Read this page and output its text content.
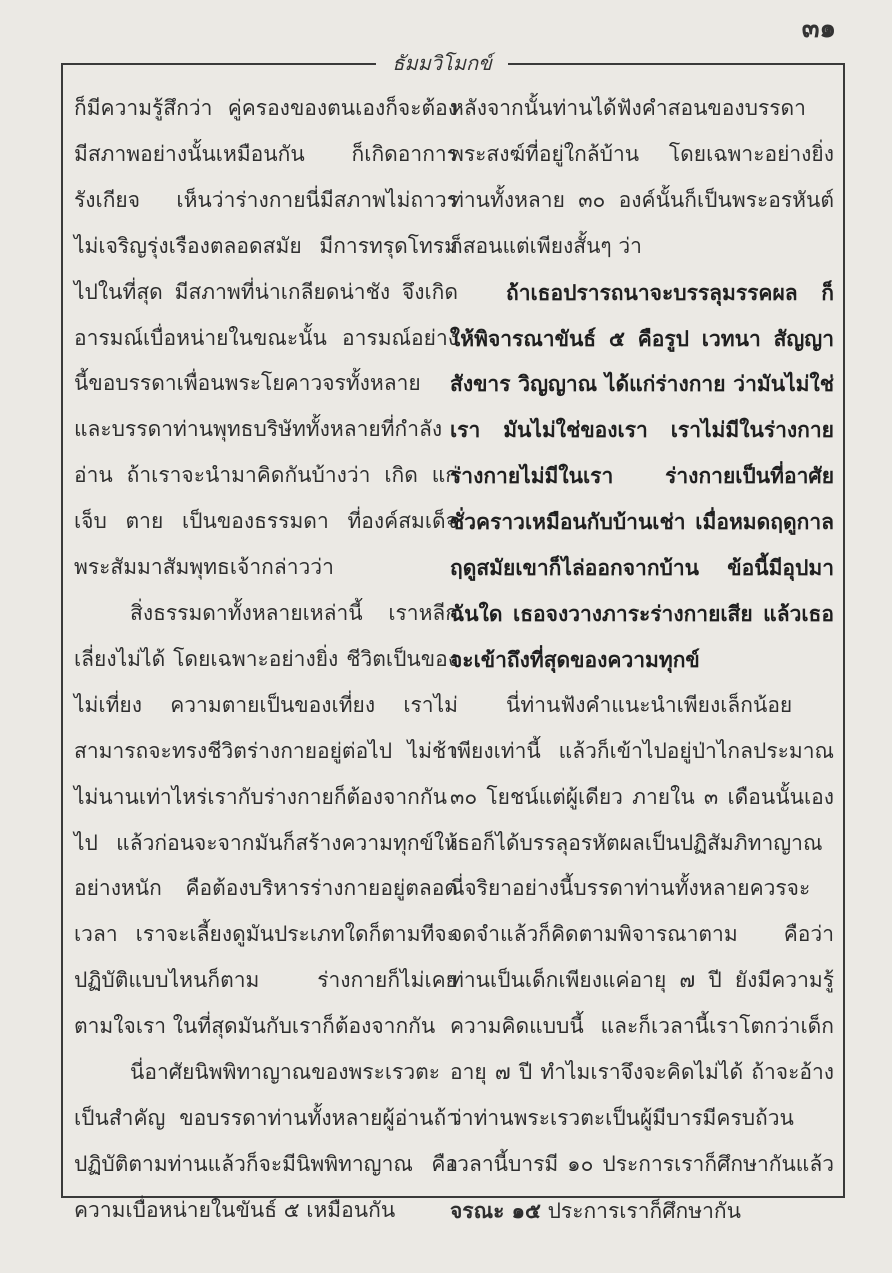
๓๑
ธัมมวิโมกข์

ก็มีความรู้สึกว่า คู่ครองของตนเองก็จะต้องมีสภาพอย่างนั้นเหมือนกัน ก็เกิดอาการรังเกียจ เห็นว่าร่างกายนี่มีสภาพไม่ถาวร ไม่เจริญรุ่งเรืองตลอดสมัย มีการทรุดโทรมไปในที่สุด มีสภาพที่น่าเกลียดน่าชัง จึงเกิดอารมณ์เบื่อหน่ายในขณะนั้น อารมณ์อย่างนี้ขอบรรดาเพื่อนพระโยคาวจรทั้งหลายและบรรดาท่านพุทธบริษัททั้งหลายที่กำลังอ่าน ถ้าเราจะนำมาคิดกันบ้างว่า เกิด แก่ เจ็บ ตาย เป็นของธรรมดา ที่องค์สมเด็จพระสัมมาสัมพุทธเจ้ากล่าวว่า

สิ่งธรรมดาทั้งหลายเหล่านี้ เราหลีกเลี่ยงไม่ได้ โดยเฉพาะอย่างยิ่ง ชีวิตเป็นของไม่เที่ยง ความตายเป็นของเที่ยง เราไม่สามารถจะทรงชีวิตร่างกายอยู่ต่อไป ไม่ช้าไม่นานเท่าไหร่เรากับร่างกายก็ต้องจากกันไป แล้วก่อนจะจากมันก็สร้างความทุกข์ให้อย่างหนัก คือต้องบริหารร่างกายอยู่ตลอดเวลา เราจะเลี้ยงดูมันประเภทใดก็ตามทีจะปฏิบัติแบบไหนก็ตาม ร่างกายก็ไม่เคยตามใจเรา ในที่สุดมันกับเราก็ต้องจากกัน

นี่อาศัยนิพพิทาญาณของพระเรวตะเป็นสำคัญ ขอบรรดาท่านทั้งหลายผู้อ่านถ้าปฏิบัติตามท่านแล้วก็จะมีนิพพิทาญาณ คือความเบื่อหน่ายในขันธ์ ๕ เหมือนกัน

หลังจากนั้นท่านได้ฟังคำสอนของบรรดาพระสงฆ์ที่อยู่ใกล้บ้าน โดยเฉพาะอย่างยิ่งท่านทั้งหลาย ๓๐ องค์นั้นก็เป็นพระอรหันต์ ก็สอนแต่เพียงสั้นๆ ว่า

ถ้าเธอปรารถนาจะบรรลุมรรคผล ก็ให้พิจารณาขันธ์ ๕ คือรูป เวทนา สัญญา สังขาร วิญญาณ ได้แก่ร่างกาย ว่ามันไม่ใช่เรา มันไม่ใช่ของเรา เราไม่มีในร่างกาย ร่างกายไม่มีในเรา ร่างกายเป็นที่อาศัยชั่วคราวเหมือนกับบ้านเช่า เมื่อหมดฤดูกาลฤดูสมัยเขาก็ไล่ออกจากบ้าน ข้อนี้มีอุปมาฉันใด เธอจงวางภาระร่างกายเสีย แล้วเธอจะเข้าถึงที่สุดของความทุกข์

นี่ท่านฟังคำแนะนำเพียงเล็กน้อยเพียงเท่านี้ แล้วก็เข้าไปอยู่ป่าไกลประมาณ ๓๐ โยชน์แต่ผู้เดียว ภายใน ๓ เดือนนั้นเองเธอก็ได้บรรลุอรหัตผลเป็นปฏิสัมภิทาญาณ นี่จริยาอย่างนี้บรรดาท่านทั้งหลายควรจะจดจำแล้วก็คิดตามพิจารณาตาม คือว่าท่านเป็นเด็กเพียงแค่อายุ ๗ ปี ยังมีความรู้ความคิดแบบนี้ และก็เวลานี้เราโตกว่าเด็กอายุ ๗ ปี ทำไมเราจึงจะคิดไม่ได้ ถ้าจะอ้างว่าท่านพระเรวตะเป็นผู้มีบารมีครบถ้วน เวลานี้บารมี ๑๐ ประการเราก็ศึกษากันแล้ว จรณะ ๑๕ ประการเราก็ศึกษากัน
